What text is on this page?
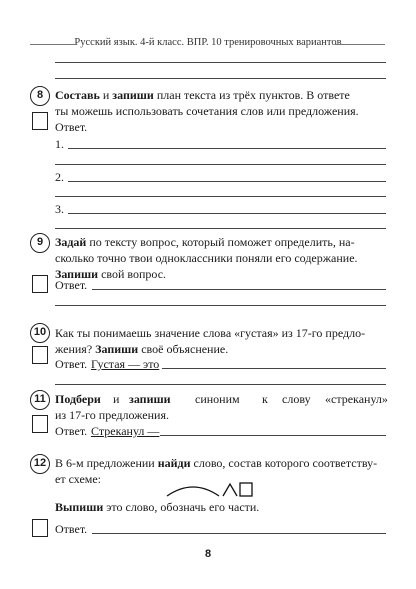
Русский язык. 4-й класс. ВПР. 10 тренировочных вариантов
8 Составь и запиши план текста из трёх пунктов. В ответе
ты можешь использовать сочетания слов или предложения.
Ответ.
1.
2.
3.
9 Задай по тексту вопрос, который поможет определить, на-
сколько точно твои одноклассники поняли его содержание.
Запиши свой вопрос.
Ответ.
10 Как ты понимаешь значение слова «густая» из 17-го предло-
жения? Запиши своё объяснение.
Ответ. Густая — это
11 Подбери и запиши синоним к слову «стреканул»
из 17-го предложения.
Ответ. Стреканул —
12 В 6-м предложении найди слово, состав которого соответству-
ет схеме:
Выпиши это слово, обозначь его части.
Ответ.
8
